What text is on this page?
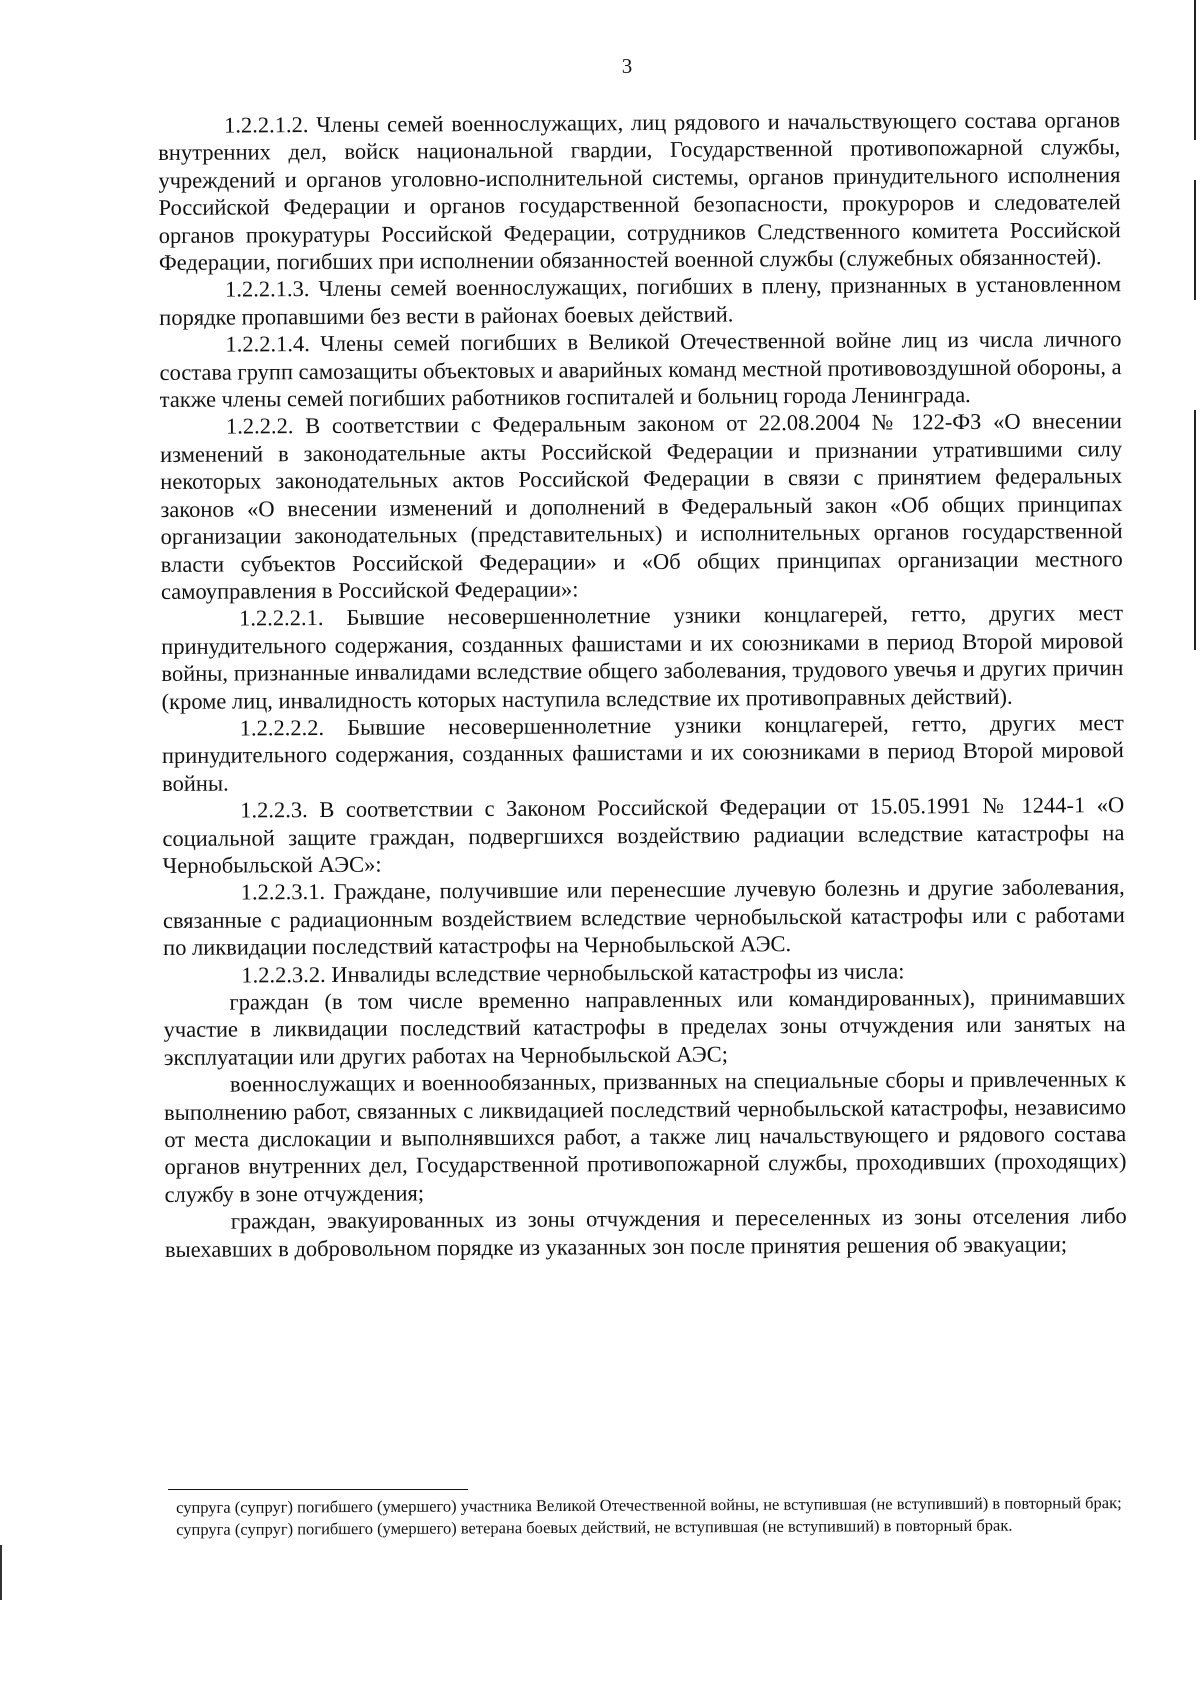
3

1.2.2.1.2. Члены семей военнослужащих, лиц рядового и начальствующего состава органов внутренних дел, войск национальной гвардии, Государственной противопожарной службы, учреждений и органов уголовно-исполнительной системы, органов принудительного исполнения Российской Федерации и органов государственной безопасности, прокуроров и следователей органов прокуратуры Российской Федерации, сотрудников Следственного комитета Российской Федерации, погибших при исполнении обязанностей военной службы (служебных обязанностей).

1.2.2.1.3. Члены семей военнослужащих, погибших в плену, признанных в установленном порядке пропавшими без вести в районах боевых действий.

1.2.2.1.4. Члены семей погибших в Великой Отечественной войне лиц из числа личного состава групп самозащиты объектовых и аварийных команд местной противовоздушной обороны, а также члены семей погибших работников госпиталей и больниц города Ленинграда.

1.2.2.2. В соответствии с Федеральным законом от 22.08.2004 № 122-ФЗ «О внесении изменений в законодательные акты Российской Федерации и признании утратившими силу некоторых законодательных актов Российской Федерации в связи с принятием федеральных законов «О внесении изменений и дополнений в Федеральный закон «Об общих принципах организации законодательных (представительных) и исполнительных органов государственной власти субъектов Российской Федерации» и «Об общих принципах организации местного самоуправления в Российской Федерации»:

1.2.2.2.1. Бывшие несовершеннолетние узники концлагерей, гетто, других мест принудительного содержания, созданных фашистами и их союзниками в период Второй мировой войны, признанные инвалидами вследствие общего заболевания, трудового увечья и других причин (кроме лиц, инвалидность которых наступила вследствие их противоправных действий).

1.2.2.2.2. Бывшие несовершеннолетние узники концлагерей, гетто, других мест принудительного содержания, созданных фашистами и их союзниками в период Второй мировой войны.

1.2.2.3. В соответствии с Законом Российской Федерации от 15.05.1991 № 1244-1 «О социальной защите граждан, подвергшихся воздействию радиации вследствие катастрофы на Чернобыльской АЭС»:

1.2.2.3.1. Граждане, получившие или перенесшие лучевую болезнь и другие заболевания, связанные с радиационным воздействием вследствие чернобыльской катастрофы или с работами по ликвидации последствий катастрофы на Чернобыльской АЭС.

1.2.2.3.2. Инвалиды вследствие чернобыльской катастрофы из числа:

граждан (в том числе временно направленных или командированных), принимавших участие в ликвидации последствий катастрофы в пределах зоны отчуждения или занятых на эксплуатации или других работах на Чернобыльской АЭС;

военнослужащих и военнообязанных, призванных на специальные сборы и привлеченных к выполнению работ, связанных с ликвидацией последствий чернобыльской катастрофы, независимо от места дислокации и выполнявшихся работ, а также лиц начальствующего и рядового состава органов внутренних дел, Государственной противопожарной службы, проходивших (проходящих) службу в зоне отчуждения;

граждан, эвакуированных из зоны отчуждения и переселенных из зоны отселения либо выехавших в добровольном порядке из указанных зон после принятия решения об эвакуации;

супруга (супруг) погибшего (умершего) участника Великой Отечественной войны, не вступившая (не вступивший) в повторный брак;

супруга (супруг) погибшего (умершего) ветерана боевых действий, не вступившая (не вступивший) в повторный брак.
